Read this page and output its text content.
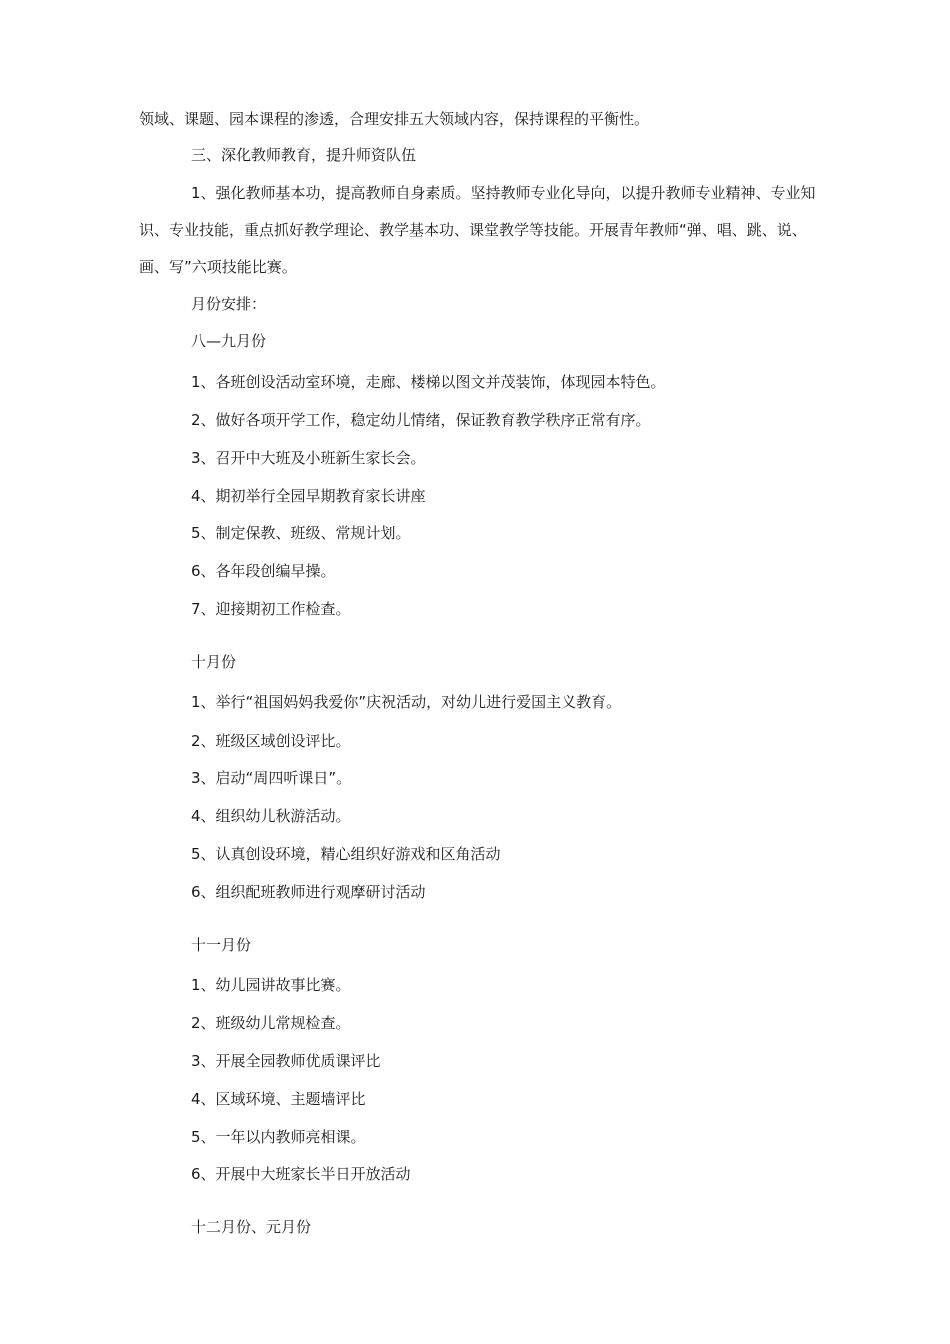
领域、课题、园本课程的渗透，合理安排五大领域内容，保持课程的平衡性。
三、深化教师教育，提升师资队伍
1、强化教师基本功，提高教师自身素质。坚持教师专业化导向，以提升教师专业精神、专业知识、专业技能，重点抓好教学理论、教学基本功、课堂教学等技能。开展青年教师“弹、唱、跳、说、画、写”六项技能比赛。
月份安排：
八—九月份
1、各班创设活动室环境，走廊、楼梯以图文并茂装饰，体现园本特色。
2、做好各项开学工作，稳定幼儿情绪，保证教育教学秩序正常有序。
3、召开中大班及小班新生家长会。
4、期初举行全园早期教育家长讲座
5、制定保教、班级、常规计划。
6、各年段创编早操。
7、迎接期初工作检查。
十月份
1、举行“祖国妈妈我爱你”庆祝活动，对幼儿进行爱国主义教育。
2、班级区域创设评比。
3、启动“周四听课日”。
4、组织幼儿秋游活动。
5、认真创设环境，精心组织好游戏和区角活动
6、组织配班教师进行观摩研讨活动
十一月份
1、幼儿园讲故事比赛。
2、班级幼儿常规检查。
3、开展全园教师优质课评比
4、区域环境、主题墙评比
5、一年以内教师亮相课。
6、开展中大班家长半日开放活动
十二月份、元月份
